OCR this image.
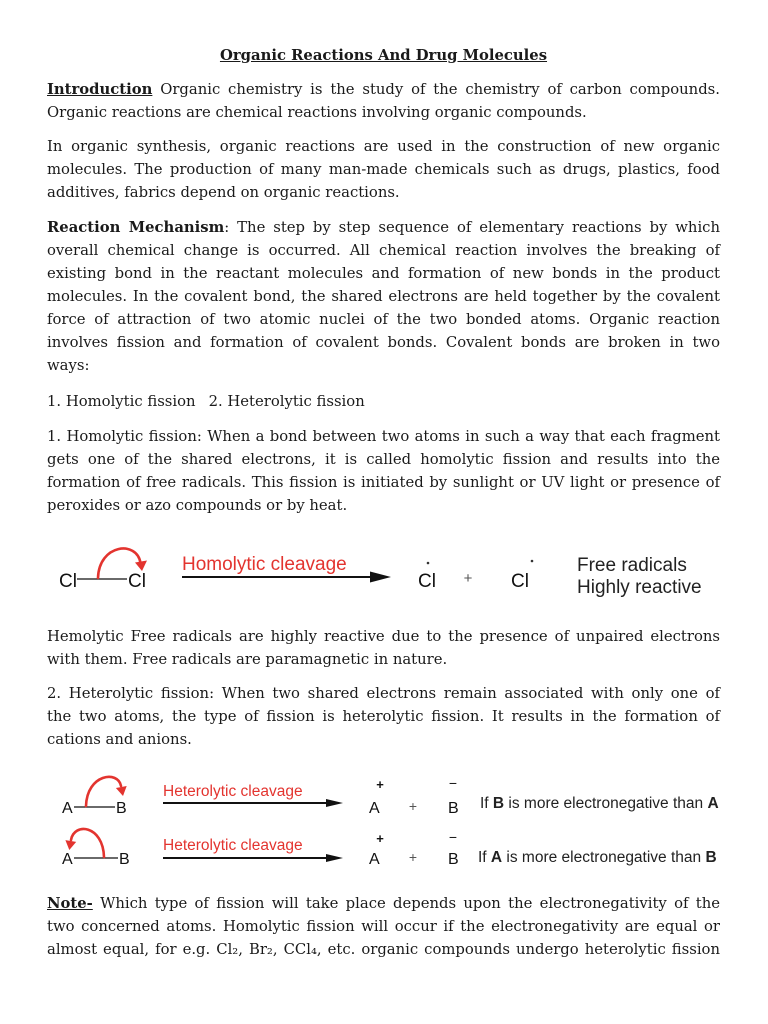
Organic Reactions And Drug Molecules
Introduction Organic chemistry is the study of the chemistry of carbon compounds.
Organic reactions are chemical reactions involving organic compounds.
In organic synthesis, organic reactions are used in the construction of new organic
molecules. The production of many man-made chemicals such as drugs, plastics, food
additives, fabrics depend on organic reactions.
Reaction Mechanism: The step by step sequence of elementary reactions by which
overall chemical change is occurred. All chemical reaction involves the breaking of
existing bond in the reactant molecules and formation of new bonds in the product
molecules. In the covalent bond, the shared electrons are held together by the covalent
force of attraction of two atomic nuclei of the two bonded atoms. Organic reaction
involves fission and formation of covalent bonds. Covalent bonds are broken in two
ways:
1. Homolytic fission 2. Heterolytic fission
1. Homolytic fission: When a bond between two atoms in such a way that each fragment
gets one of the shared electrons, it is called homolytic fission and results into the
formation of free radicals. This fission is initiated by sunlight or UV light or presence of
peroxides or azo compounds or by heat.
Cl	Cl
Homolytic cleavage
Cl + Cl
Free radicals
Highly reactive
Hemolytic Free radicals are highly reactive due to the presence of unpaired electrons
with them. Free radicals are paramagnetic in nature.
2. Heterolytic fission: When two shared electrons remain associated with only one of
the two atoms, the type of fission is heterolytic fission. It results in the formation of
cations and anions.
A	B
Heterolytic cleavage	+
A +
−
B If B is more electronegative than A
A	B
Heterolytic cleavage	+
A +
−
B If A is more electronegative than B
Note- Which type of fission will take place depends upon the electronegativity of the
two concerned atoms. Homolytic fission will occur if the electronegativity are equal or
almost equal, for e.g. Cl₂, Br₂, CCl₄, etc. organic compounds undergo heterolytic fission
